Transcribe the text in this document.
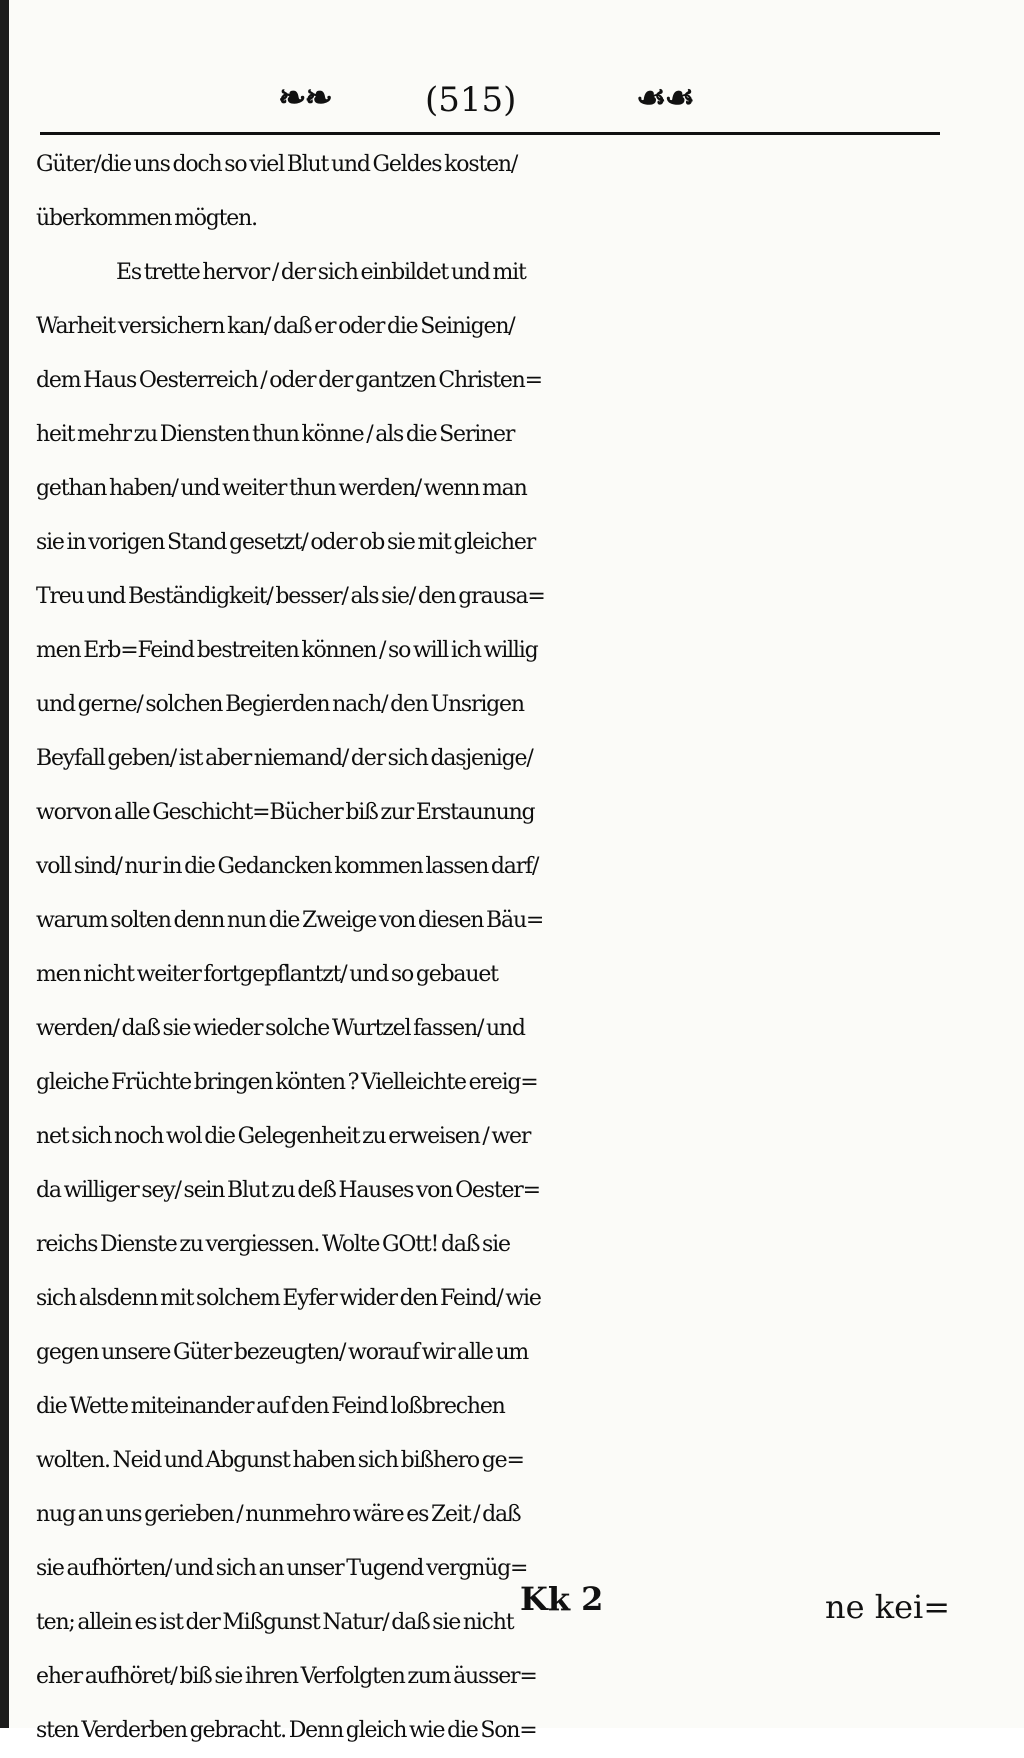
❧❧	(515)	☙☙
Güter/die uns doch so viel Blut und Geldes kosten/
überkommen mögten.
Es trette hervor / der sich einbildet und mit
Warheit versichern kan/ daß er oder die Seinigen/
dem Haus Oesterreich / oder der gantzen Christen=
heit mehr zu Diensten thun könne / als die Seriner
gethan haben/ und weiter thun werden/ wenn man
sie in vorigen Stand gesetzt/ oder ob sie mit gleicher
Treu und Beständigkeit/ besser/ als sie/ den grausa=
men Erb=Feind bestreiten können / so will ich willig
und gerne/ solchen Begierden nach/ den Unsrigen
Beyfall geben/ ist aber niemand/ der sich dasjenige/
worvon alle Geschicht=Bücher biß zur Erstaunung
voll sind/ nur in die Gedancken kommen lassen darf/
warum solten denn nun die Zweige von diesen Bäu=
men nicht weiter fortgepflantzt/ und so gebauet
werden/ daß sie wieder solche Wurtzel fassen/ und
gleiche Früchte bringen könten ? Vielleichte ereig=
net sich noch wol die Gelegenheit zu erweisen / wer
da williger sey/ sein Blut zu deß Hauses von Oester=
reichs Dienste zu vergiessen. Wolte GOtt! daß sie
sich alsdenn mit solchem Eyfer wider den Feind/ wie
gegen unsere Güter bezeugten/ worauf wir alle um
die Wette miteinander auf den Feind loßbrechen
wolten. Neid und Abgunst haben sich bißhero ge=
nug an uns gerieben / nunmehro wäre es Zeit / daß
sie aufhörten/ und sich an unser Tugend vergnüg=
ten; allein es ist der Mißgunst Natur/ daß sie nicht
eher aufhöret/ biß sie ihren Verfolgten zum äusser=
sten Verderben gebracht. Denn gleich wie die Son=
Kk 2	ne kei=
